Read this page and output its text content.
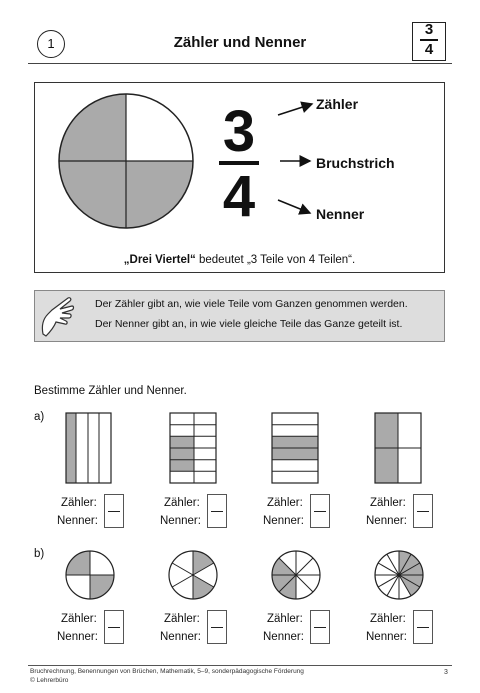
1	Zähler und Nenner
3
4
3
4
Zähler
Bruchstrich
Nenner
„Drei Viertel“ bedeutet „3 Teile von 4 Teilen“.
Der Zähler gibt an, wie viele Teile vom Ganzen genommen werden.
Der Nenner gibt an, in wie viele gleiche Teile das Ganze geteilt ist.
Bestimme Zähler und Nenner.
a)
b)
Zähler:
Nenner:
Zähler:
Nenner:
Zähler:
Nenner:
Zähler:
Nenner:
Zähler:
Nenner:
Zähler:
Nenner:
Zähler:
Nenner:
Zähler:
Nenner:
Bruchrechnung, Benennungen von Brüchen, Mathematik, 5–9, sonderpädagogische Förderung
© Lehrerbüro
3
